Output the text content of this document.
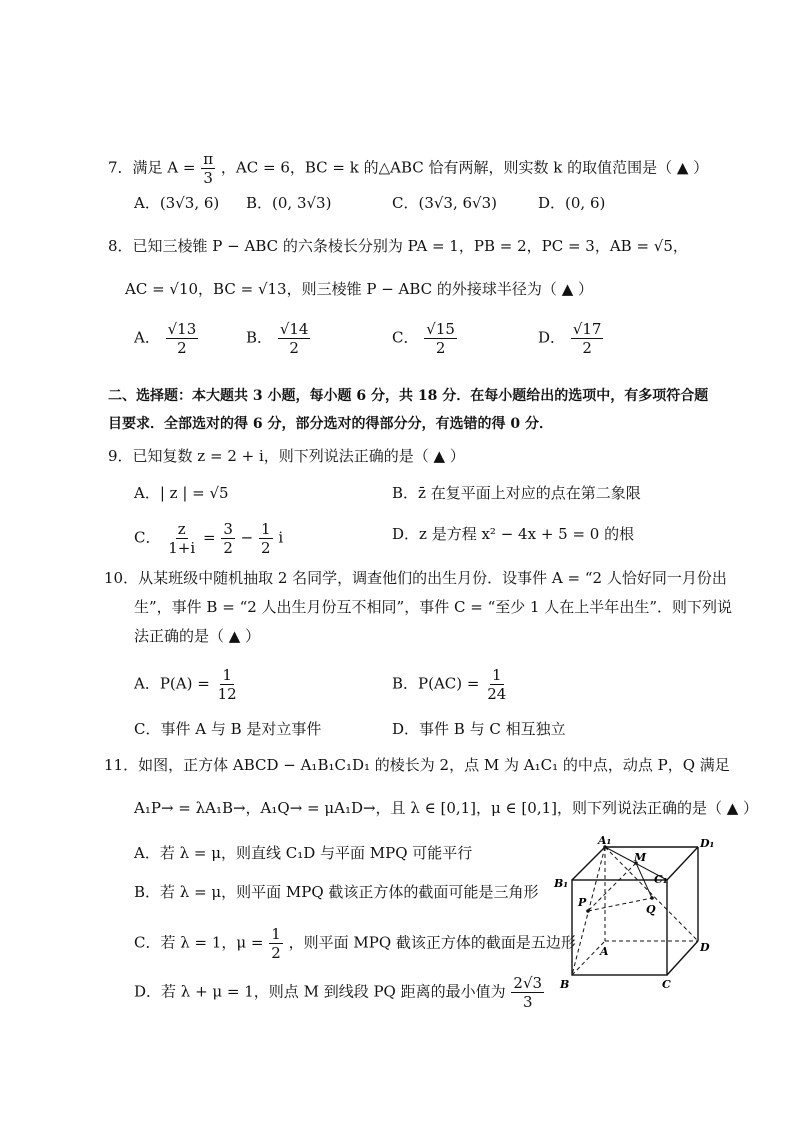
7．满足 $A = \frac{\pi}{3}$ ，AC = 6，BC = k 的△ABC 恰有两解，则实数 k 的取值范围是（ ▲ ）
A．(3√3, 6) B．(0, 3√3)	C．(3√3, 6√3)	D．(0, 6)
8．已知三棱锥 P − ABC 的六条棱长分别为 PA = 1，PB = 2，PC = 3，AB = √5，
AC = √10，BC = √13，则三棱锥 P − ABC 的外接球半径为（ ▲ ）
A． $\frac{√13}{2}$	B． $\frac{√14}{2}$	C． $\frac{√15}{2}$	D． $\frac{√17}{2}$
二、选择题：本大题共 3 小题，每小题 6 分，共 18 分．在每小题给出的选项中，有多项符合题
目要求．全部选对的得 6 分，部分选对的得部分分，有选错的得 0 分．
9．已知复数 z = 2 + i，则下列说法正确的是（ ▲ ）
A．| z | = √5	B．z̄ 在复平面上对应的点在第二象限
C． $\frac{z}{1+i} = \frac{3}{2} - \frac{1}{2}$ i	D．z 是方程 x² − 4x + 5 = 0 的根
10．从某班级中随机抽取 2 名同学，调查他们的出生月份．设事件 A = “2 人恰好同一月份出
生”，事件 B = “2 人出生月份互不相同”，事件 C = “至少 1 人在上半年出生”．则下列说
法正确的是（ ▲ ）
A．$P(A) = \frac{1}{12}$	B．$P(AC) = \frac{1}{24}$
C．事件 A 与 B 是对立事件	D．事件 B 与 C 相互独立
11．如图，正方体 ABCD − A₁B₁C₁D₁ 的棱长为 2，点 M 为 A₁C₁ 的中点，动点 P，Q 满足
A₁P→ = λA₁B→，A₁Q→ = μA₁D→，且 λ ∈ [0,1]，μ ∈ [0,1]，则下列说法正确的是（ ▲ ）
A．若 λ = μ，则直线 C₁D 与平面 MPQ 可能平行
B．若 λ = μ，则平面 MPQ 截该正方体的截面可能是三角形
C．若 λ = 1，$\mu = \frac{1}{2}$ ，则平面 MPQ 截该正方体的截面是五边形
D．若 λ + μ = 1，则点 M 到线段 PQ 距离的最小值为 $\frac{2√3}{3}$
A₁	D₁
B₁	C₁
M
P
Q
A
B	C
D
